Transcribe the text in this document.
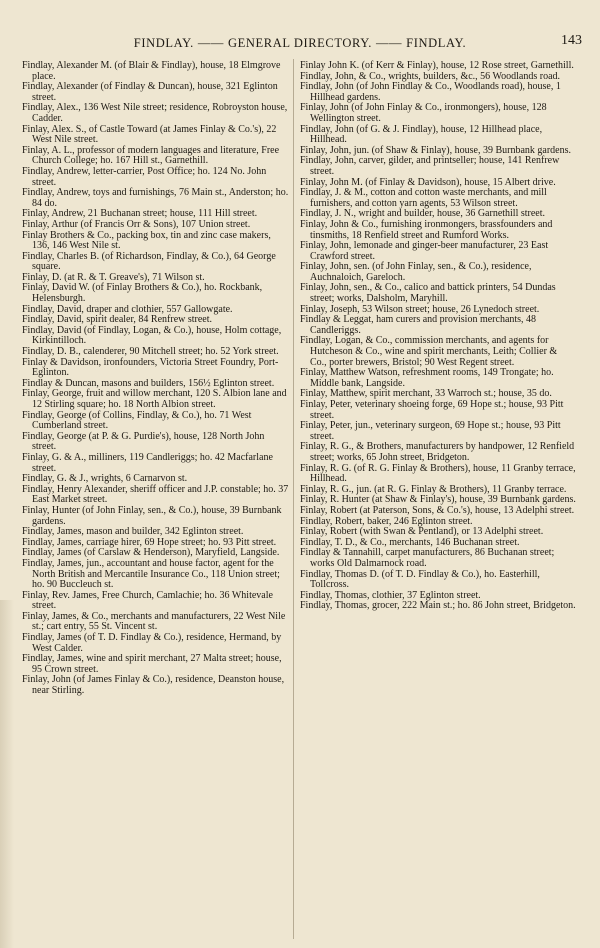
FINDLAY. —— GENERAL DIRECTORY. —— FINDLAY.	143

Findlay, Alexander M. (of Blair & Findlay), house, 18 Elmgrove place.

Findlay, Alexander (of Findlay & Duncan), house, 321 Eglinton street.

Findlay, Alex., 136 West Nile street; residence, Robroyston house, Cadder.

Finlay, Alex. S., of Castle Toward (at James Finlay & Co.'s), 22 West Nile street.

Finlay, A. L., professor of modern languages and literature, Free Church College; ho. 167 Hill st., Garnethill.

Findlay, Andrew, letter-carrier, Post Office; ho. 124 No. John street.

Findlay, Andrew, toys and furnishings, 76 Main st., Anderston; ho. 84 do.

Finlay, Andrew, 21 Buchanan street; house, 111 Hill street.

Finlay, Arthur (of Francis Orr & Sons), 107 Union street.

Finlay Brothers & Co., packing box, tin and zinc case makers, 136, 146 West Nile st.

Findlay, Charles B. (of Richardson, Findlay, & Co.), 64 George square.

Finlay, D. (at R. & T. Greave's), 71 Wilson st.

Finlay, David W. (of Finlay Brothers & Co.), ho. Rockbank, Helensburgh.

Findlay, David, draper and clothier, 557 Gallowgate.

Findlay, David, spirit dealer, 84 Renfrew street.

Findlay, David (of Findlay, Logan, & Co.), house, Holm cottage, Kirkintilloch.

Findlay, D. B., calenderer, 90 Mitchell street; ho. 52 York street.

Finlay & Davidson, ironfounders, Victoria Street Foundry, Port-Eglinton.

Findlay & Duncan, masons and builders, 156½ Eglinton street.

Finlay, George, fruit and willow merchant, 120 S. Albion lane and 12 Stirling square; ho. 18 North Albion street.

Findlay, George (of Collins, Findlay, & Co.), ho. 71 West Cumberland street.

Findlay, George (at P. & G. Purdie's), house, 128 North John street.

Finlay, G. & A., milliners, 119 Candleriggs; ho. 42 Macfarlane street.

Findlay, G. & J., wrights, 6 Carnarvon st.

Findlay, Henry Alexander, sheriff officer and J.P. constable; ho. 37 East Market street.

Finlay, Hunter (of John Finlay, sen., & Co.), house, 39 Burnbank gardens.

Findlay, James, mason and builder, 342 Eglinton street.

Findlay, James, carriage hirer, 69 Hope street; ho. 93 Pitt street.

Findlay, James (of Carslaw & Henderson), Maryfield, Langside.

Findlay, James, jun., accountant and house factor, agent for the North British and Mercantile Insurance Co., 118 Union street; ho. 90 Buccleuch st.

Finlay, Rev. James, Free Church, Camlachie; ho. 36 Whitevale street.

Finlay, James, & Co., merchants and manufacturers, 22 West Nile st.; cart entry, 55 St. Vincent st.

Findlay, James (of T. D. Findlay & Co.), residence, Hermand, by West Calder.

Findlay, James, wine and spirit merchant, 27 Malta street; house, 95 Crown street.

Finlay, John (of James Finlay & Co.), residence, Deanston house, near Stirling.

Finlay John K. (of Kerr & Finlay), house, 12 Rose street, Garnethill.

Findlay, John, & Co., wrights, builders, &c., 56 Woodlands road.

Findlay, John (of John Findlay & Co., Woodlands road), house, 1 Hillhead gardens.

Finlay, John (of John Finlay & Co., ironmongers), house, 128 Wellington street.

Findlay, John (of G. & J. Findlay), house, 12 Hillhead place, Hillhead.

Finlay, John, jun. (of Shaw & Finlay), house, 39 Burnbank gardens.

Findlay, John, carver, gilder, and printseller; house, 141 Renfrew street.

Finlay, John M. (of Finlay & Davidson), house, 15 Albert drive.

Findlay, J. & M., cotton and cotton waste merchants, and mill furnishers, and cotton yarn agents, 53 Wilson street.

Findlay, J. N., wright and builder, house, 36 Garnethill street.

Finlay, John & Co., furnishing ironmongers, brassfounders and tinsmiths, 18 Renfield street and Rumford Works.

Finlay, John, lemonade and ginger-beer manufacturer, 23 East Crawford street.

Finlay, John, sen. (of John Finlay, sen., & Co.), residence, Auchnaloich, Gareloch.

Finlay, John, sen., & Co., calico and battick printers, 54 Dundas street; works, Dalsholm, Maryhill.

Finlay, Joseph, 53 Wilson street; house, 26 Lynedoch street.

Findlay & Leggat, ham curers and provision merchants, 48 Candleriggs.

Findlay, Logan, & Co., commission merchants, and agents for Hutcheson & Co., wine and spirit merchants, Leith; Collier & Co., porter brewers, Bristol; 90 West Regent street.

Finlay, Matthew Watson, refreshment rooms, 149 Trongate; ho. Middle bank, Langside.

Finlay, Matthew, spirit merchant, 33 Warroch st.; house, 35 do.

Finlay, Peter, veterinary shoeing forge, 69 Hope st.; house, 93 Pitt street.

Finlay, Peter, jun., veterinary surgeon, 69 Hope st.; house, 93 Pitt street.

Finlay, R. G., & Brothers, manufacturers by handpower, 12 Renfield street; works, 65 John street, Bridgeton.

Finlay, R. G. (of R. G. Finlay & Brothers), house, 11 Granby terrace, Hillhead.

Finlay, R. G., jun. (at R. G. Finlay & Brothers), 11 Granby terrace.

Finlay, R. Hunter (at Shaw & Finlay's), house, 39 Burnbank gardens.

Finlay, Robert (at Paterson, Sons, & Co.'s), house, 13 Adelphi street.

Findlay, Robert, baker, 246 Eglinton street.

Finlay, Robert (with Swan & Pentland), or 13 Adelphi street.

Findlay, T. D., & Co., merchants, 146 Buchanan street.

Findlay & Tannahill, carpet manufacturers, 86 Buchanan street; works Old Dalmarnock road.

Findlay, Thomas D. (of T. D. Findlay & Co.), ho. Easterhill, Tollcross.

Findlay, Thomas, clothier, 37 Eglinton street.

Findlay, Thomas, grocer, 222 Main st.; ho. 86 John street, Bridgeton.
